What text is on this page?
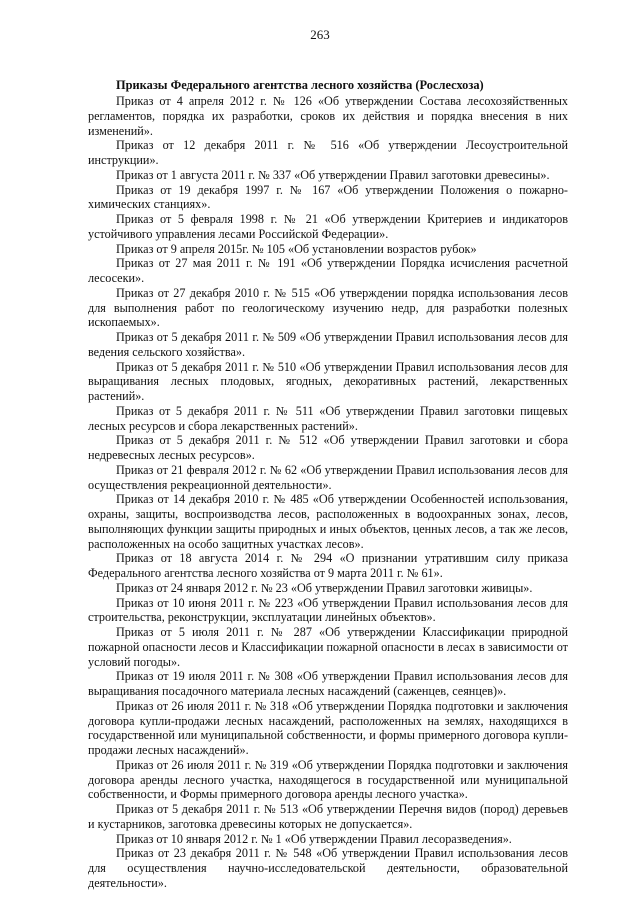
263
Приказы Федерального агентства лесного хозяйства (Рослесхоза)

Приказ от 4 апреля 2012 г. № 126 «Об утверждении Состава лесохозяйственных регламентов, порядка их разработки, сроков их действия и порядка внесения в них изменений».

Приказ от 12 декабря 2011 г. № 516 «Об утверждении Лесоустроительной инструкции».

Приказ от 1 августа 2011 г. № 337 «Об утверждении Правил заготовки древесины».

Приказ от 19 декабря 1997 г. № 167 «Об утверждении Положения о пожарно-химических станциях».

Приказ от 5 февраля 1998 г. № 21 «Об утверждении Критериев и индикаторов устойчивого управления лесами Российской Федерации».

Приказ от 9 апреля 2015г. № 105 «Об установлении возрастов рубок»

Приказ от 27 мая 2011 г. № 191 «Об утверждении Порядка исчисления расчетной лесосеки».

Приказ от 27 декабря 2010 г. № 515 «Об утверждении порядка использования лесов для выполнения работ по геологическому изучению недр, для разработки полезных ископаемых».

Приказ от 5 декабря 2011 г. № 509 «Об утверждении Правил использования лесов для ведения сельского хозяйства».

Приказ от 5 декабря 2011 г. № 510 «Об утверждении Правил использования лесов для выращивания лесных плодовых, ягодных, декоративных растений, лекарственных растений».

Приказ от 5 декабря 2011 г. № 511 «Об утверждении Правил заготовки пищевых лесных ресурсов и сбора лекарственных растений».

Приказ от 5 декабря 2011 г. № 512 «Об утверждении Правил заготовки и сбора недревесных лесных ресурсов».

Приказ от 21 февраля 2012 г. № 62 «Об утверждении Правил использования лесов для осуществления рекреационной деятельности».

Приказ от 14 декабря 2010 г. № 485 «Об утверждении Особенностей использования, охраны, защиты, воспроизводства лесов, расположенных в водоохранных зонах, лесов, выполняющих функции защиты природных и иных объектов, ценных лесов, а так же лесов, расположенных на особо защитных участках лесов».

Приказ от 18 августа 2014 г. № 294 «О признании утратившим силу приказа Федерального агентства лесного хозяйства от 9 марта 2011 г. № 61».

Приказ от 24 января 2012 г. № 23 «Об утверждении Правил заготовки живицы».

Приказ от 10 июня 2011 г. № 223 «Об утверждении Правил использования лесов для строительства, реконструкции, эксплуатации линейных объектов».

Приказ от 5 июля 2011 г. № 287 «Об утверждении Классификации природной пожарной опасности лесов и Классификации пожарной опасности в лесах в зависимости от условий погоды».

Приказ от 19 июля 2011 г. № 308 «Об утверждении Правил использования лесов для выращивания посадочного материала лесных насаждений (саженцев, сеянцев)».

Приказ от 26 июля 2011 г. № 318 «Об утверждении Порядка подготовки и заключения договора купли-продажи лесных насаждений, расположенных на землях, находящихся в государственной или муниципальной собственности, и формы примерного договора купли-продажи лесных насаждений».

Приказ от 26 июля 2011 г. № 319 «Об утверждении Порядка подготовки и заключения договора аренды лесного участка, находящегося в государственной или муниципальной собственности, и Формы примерного договора аренды лесного участка».

Приказ от 5 декабря 2011 г. № 513 «Об утверждении Перечня видов (пород) деревьев и кустарников, заготовка древесины которых не допускается».

Приказ от 10 января 2012 г. № 1 «Об утверждении Правил лесоразведения».

Приказ от 23 декабря 2011 г. № 548 «Об утверждении Правил использования лесов для осуществления научно-исследовательской деятельности, образовательной деятельности».
